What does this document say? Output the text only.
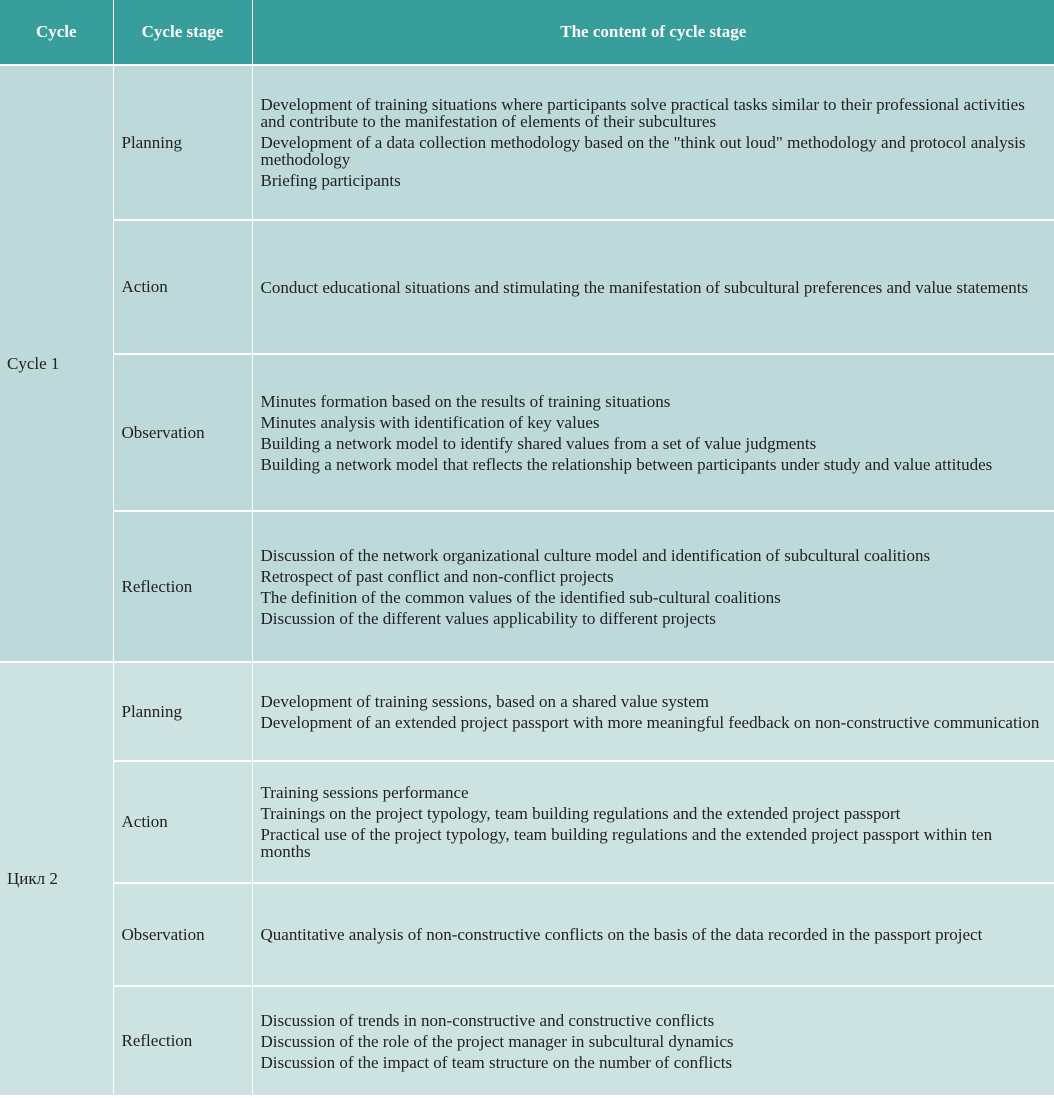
Cycle	Cycle stage	The content of cycle stage
Cycle 1	Planning	Development of training situations where participants solve practical tasks similar to their professional activities and contribute to the manifestation of elements of their subcultures
Development of a data collection methodology based on the "think out loud" methodology and protocol analysis methodology
Briefing participants

	Action	Conduct educational situations and stimulating the manifestation of subcultural preferences and value statements

	Observation	Minutes formation based on the results of training situations
Minutes analysis with identification of key values
Building a network model to identify shared values from a set of value judgments
Building a network model that reflects the relationship between participants under study and value attitudes

	Reflection	Discussion of the network organizational culture model and identification of subcultural coalitions
Retrospect of past conflict and non-conflict projects
The definition of the common values of the identified sub-cultural coalitions
Discussion of the different values applicability to different projects

Цикл 2	Planning	Development of training sessions, based on a shared value system
Development of an extended project passport with more meaningful feedback on non-constructive communication

	Action	Training sessions performance
Trainings on the project typology, team building regulations and the extended project passport
Practical use of the project typology, team building regulations and the extended project passport within ten months

	Observation	Quantitative analysis of non-constructive conflicts on the basis of the data recorded in the passport project

	Reflection	Discussion of trends in non-constructive and constructive conflicts
Discussion of the role of the project manager in subcultural dynamics
Discussion of the impact of team structure on the number of conflicts
